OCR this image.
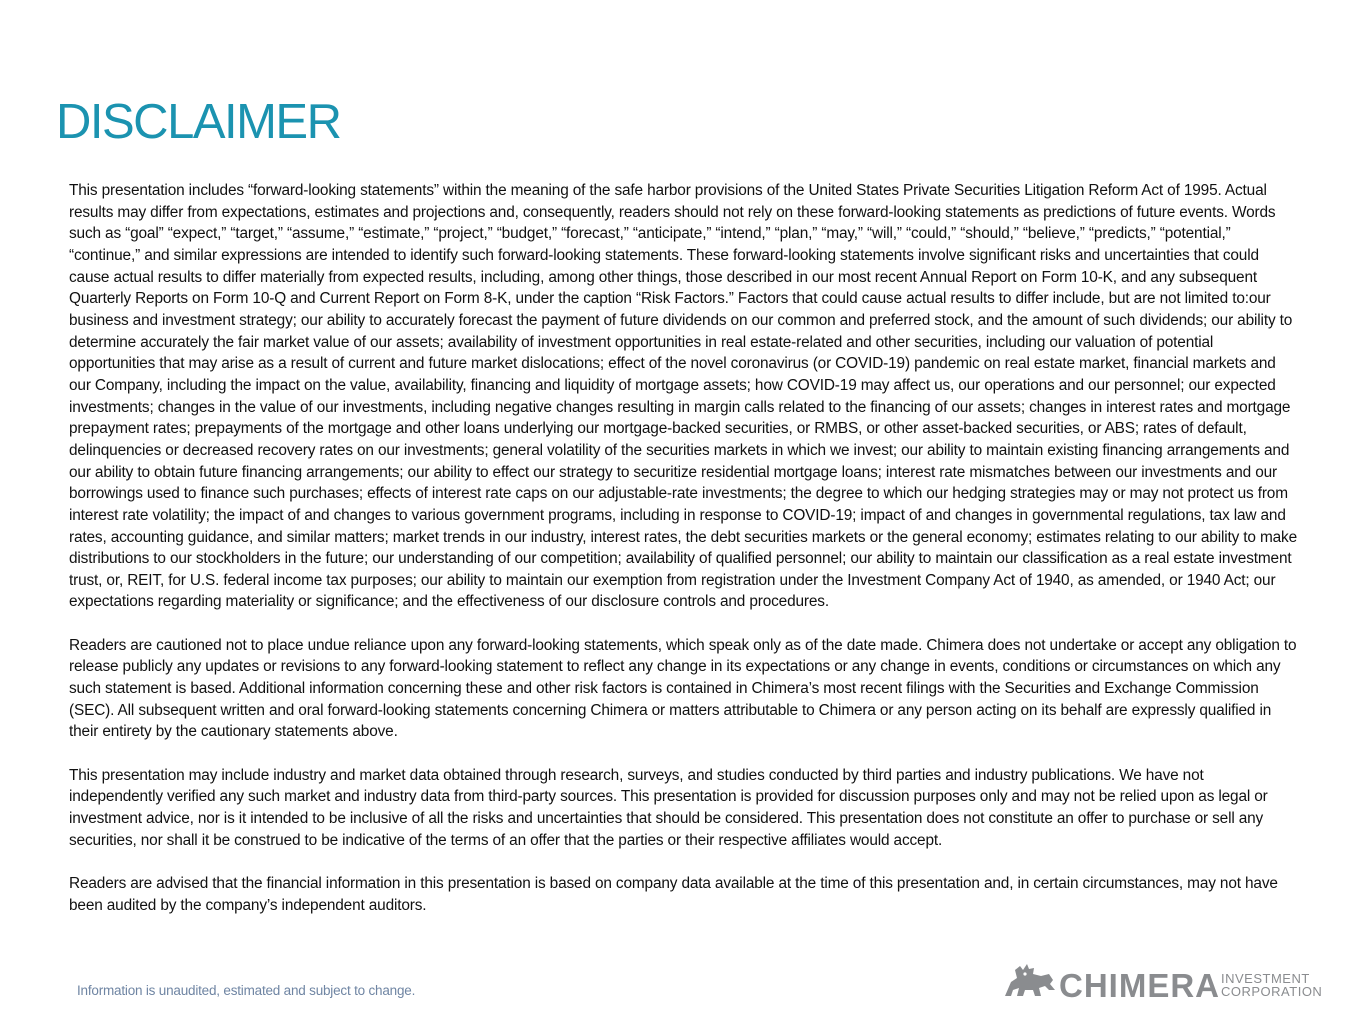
DISCLAIMER

This presentation includes “forward-looking statements” within the meaning of the safe harbor provisions of the United States Private Securities Litigation Reform Act of 1995. Actual results may differ from expectations, estimates and projections and, consequently, readers should not rely on these forward-looking statements as predictions of future events. Words such as “goal” “expect,” “target,” “assume,” “estimate,” “project,” “budget,” “forecast,” “anticipate,” “intend,” “plan,” “may,” “will,” “could,” “should,” “believe,” “predicts,” “potential,” “continue,” and similar expressions are intended to identify such forward-looking statements. These forward-looking statements involve significant risks and uncertainties that could cause actual results to differ materially from expected results, including, among other things, those described in our most recent Annual Report on Form 10-K, and any subsequent Quarterly Reports on Form 10-Q and Current Report on Form 8-K, under the caption “Risk Factors.” Factors that could cause actual results to differ include, but are not limited to:our business and investment strategy; our ability to accurately forecast the payment of future dividends on our common and preferred stock, and the amount of such dividends; our ability to determine accurately the fair market value of our assets; availability of investment opportunities in real estate-related and other securities, including our valuation of potential opportunities that may arise as a result of current and future market dislocations; effect of the novel coronavirus (or COVID-19) pandemic on real estate market, financial markets and our Company, including the impact on the value, availability, financing and liquidity of mortgage assets; how COVID-19 may affect us, our operations and our personnel; our expected investments; changes in the value of our investments, including negative changes resulting in margin calls related to the financing of our assets; changes in interest rates and mortgage prepayment rates; prepayments of the mortgage and other loans underlying our mortgage-backed securities, or RMBS, or other asset-backed securities, or ABS; rates of default, delinquencies or decreased recovery rates on our investments; general volatility of the securities markets in which we invest; our ability to maintain existing financing arrangements and our ability to obtain future financing arrangements; our ability to effect our strategy to securitize residential mortgage loans; interest rate mismatches between our investments and our borrowings used to finance such purchases; effects of interest rate caps on our adjustable-rate investments; the degree to which our hedging strategies may or may not protect us from interest rate volatility; the impact of and changes to various government programs, including in response to COVID-19; impact of and changes in governmental regulations, tax law and rates, accounting guidance, and similar matters; market trends in our industry, interest rates, the debt securities markets or the general economy; estimates relating to our ability to make distributions to our stockholders in the future; our understanding of our competition; availability of qualified personnel; our ability to maintain our classification as a real estate investment trust, or, REIT, for U.S. federal income tax purposes; our ability to maintain our exemption from registration under the Investment Company Act of 1940, as amended, or 1940 Act; our expectations regarding materiality or significance; and the effectiveness of our disclosure controls and procedures.

Readers are cautioned not to place undue reliance upon any forward-looking statements, which speak only as of the date made. Chimera does not undertake or accept any obligation to release publicly any updates or revisions to any forward-looking statement to reflect any change in its expectations or any change in events, conditions or circumstances on which any such statement is based. Additional information concerning these and other risk factors is contained in Chimera’s most recent filings with the Securities and Exchange Commission (SEC). All subsequent written and oral forward-looking statements concerning Chimera or matters attributable to Chimera or any person acting on its behalf are expressly qualified in their entirety by the cautionary statements above.

This presentation may include industry and market data obtained through research, surveys, and studies conducted by third parties and industry publications. We have not independently verified any such market and industry data from third-party sources. This presentation is provided for discussion purposes only and may not be relied upon as legal or investment advice, nor is it intended to be inclusive of all the risks and uncertainties that should be considered. This presentation does not constitute an offer to purchase or sell any securities, nor shall it be construed to be indicative of the terms of an offer that the parties or their respective affiliates would accept.

Readers are advised that the financial information in this presentation is based on company data available at the time of this presentation and, in certain circumstances, may not have been audited by the company’s independent auditors.

Information is unaudited, estimated and subject to change.	CHIMERA INVESTMENT
CORPORATION
